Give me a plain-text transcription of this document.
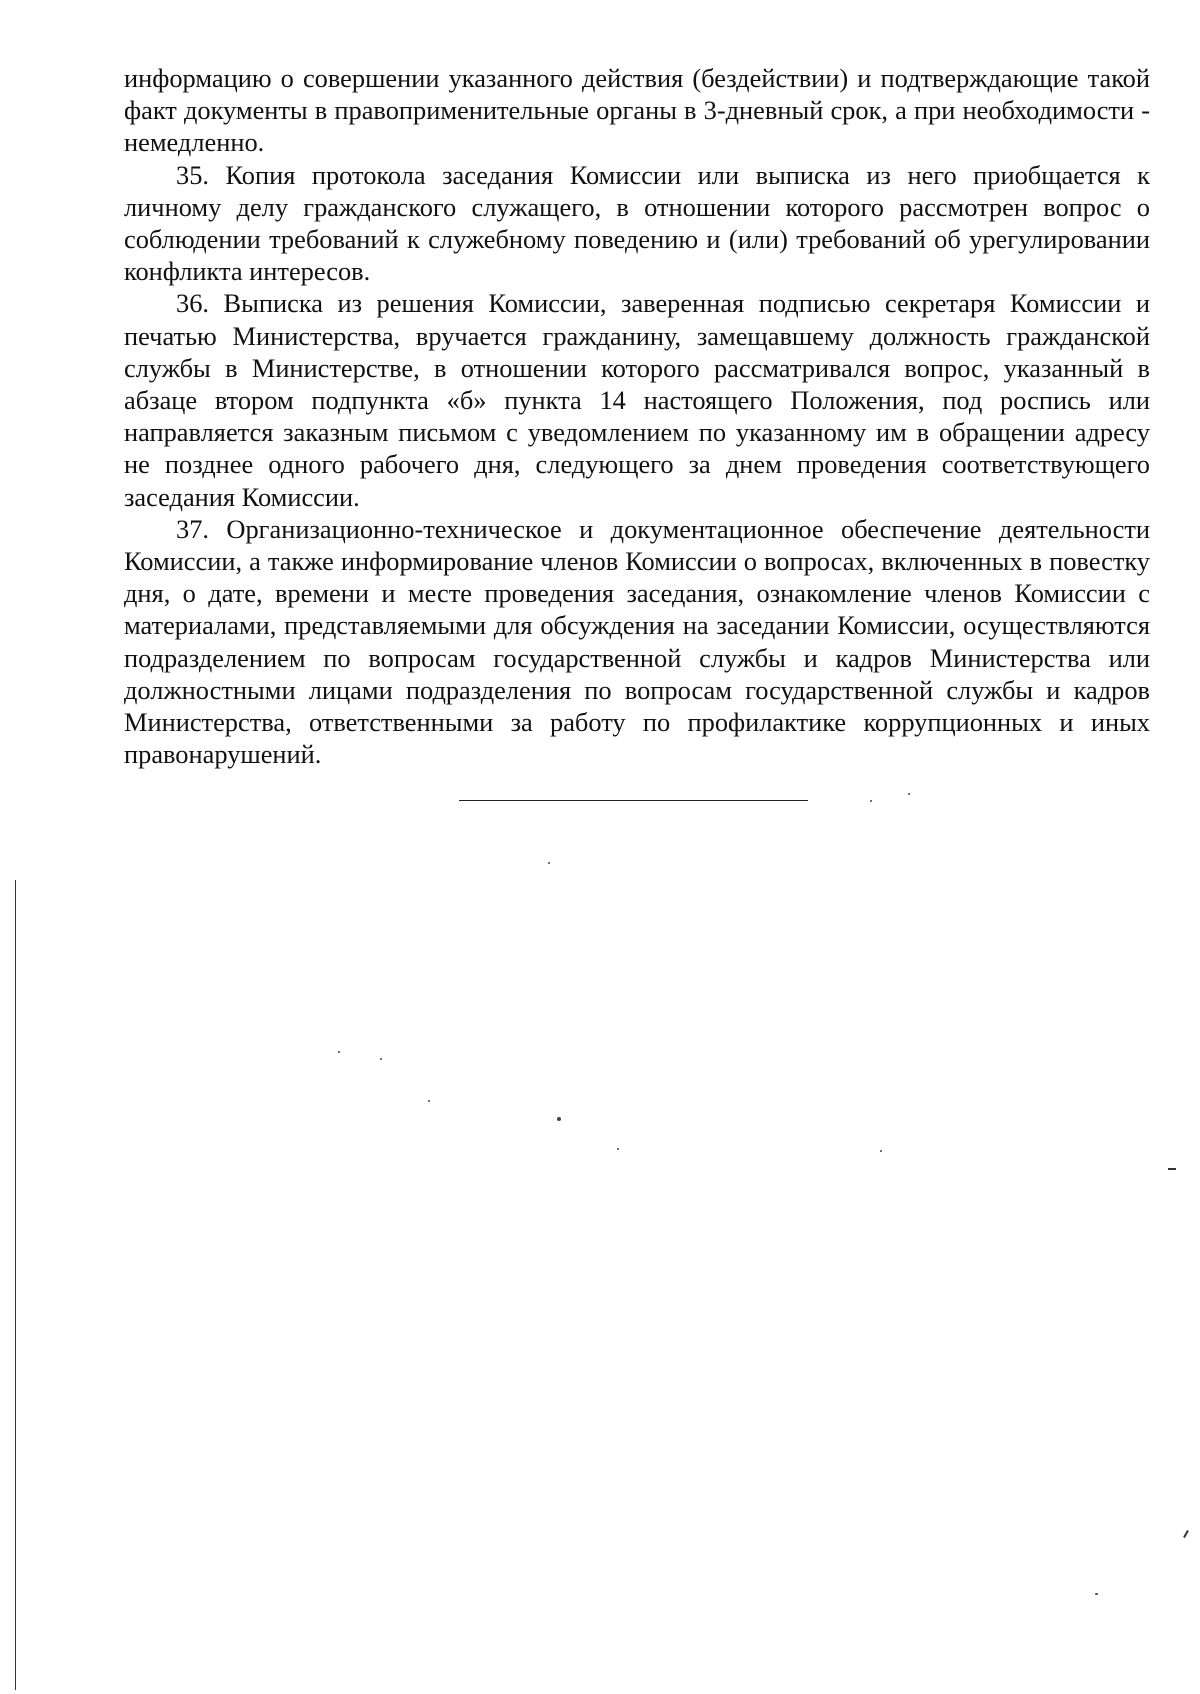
информацию о совершении указанного действия (бездействии) и подтверждающие такой факт документы в правоприменительные органы в 3-дневный срок, а при необходимости - немедленно.

35. Копия протокола заседания Комиссии или выписка из него приобщается к личному делу гражданского служащего, в отношении которого рассмотрен вопрос о соблюдении требований к служебному поведению и (или) требований об урегулировании конфликта интересов.

36. Выписка из решения Комиссии, заверенная подписью секретаря Комиссии и печатью Министерства, вручается гражданину, замещавшему должность гражданской службы в Министерстве, в отношении которого рассматривался вопрос, указанный в абзаце втором подпункта «б» пункта 14 настоящего Положения, под роспись или направляется заказным письмом с уведомлением по указанному им в обращении адресу не позднее одного рабочего дня, следующего за днем проведения соответствующего заседания Комиссии.

37. Организационно-техническое и документационное обеспечение деятельности Комиссии, а также информирование членов Комиссии о вопросах, включенных в повестку дня, о дате, времени и месте проведения заседания, ознакомление членов Комиссии с материалами, представляемыми для обсуждения на заседании Комиссии, осуществляются подразделением по вопросам государственной службы и кадров Министерства или должностными лицами подразделения по вопросам государственной службы и кадров Министерства, ответственными за работу по профилактике коррупционных и иных правонарушений.
